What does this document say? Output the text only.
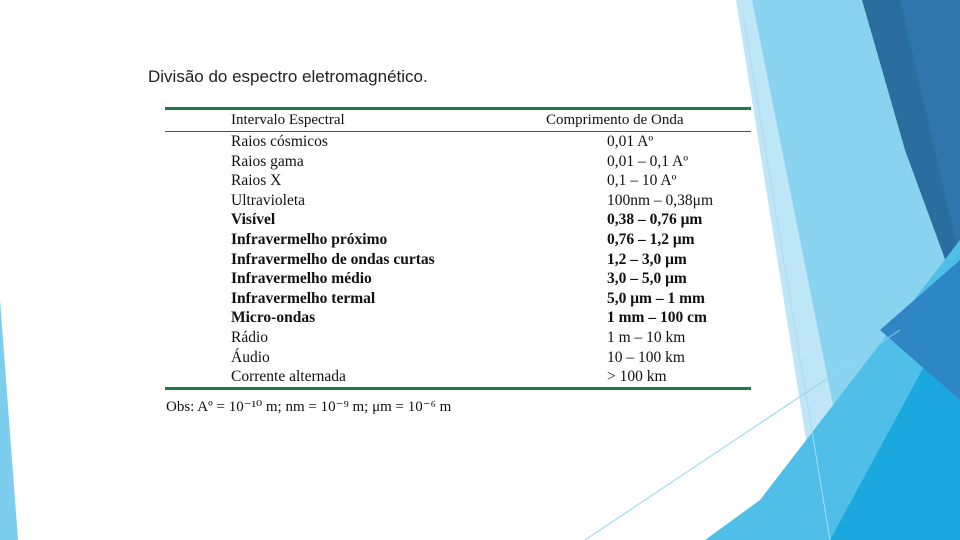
Divisão do espectro eletromagnético.
Intervalo Espectral	Comprimento de Onda
Raios cósmicos	0,01 Aº
Raios gama	0,01 – 0,1 Aº
Raios X	0,1 – 10 Aº
Ultravioleta	100nm – 0,38μm
Visível	0,38 – 0,76 μm
Infravermelho próximo	0,76 – 1,2 μm
Infravermelho de ondas curtas	1,2 – 3,0 μm
Infravermelho médio	3,0 – 5,0 μm
Infravermelho termal	5,0 μm – 1 mm
Micro-ondas	1 mm – 100 cm
Rádio	1 m – 10 km
Áudio	10 – 100 km
Corrente alternada	> 100 km
Obs: Aº = 10⁻¹⁰ m; nm = 10⁻⁹ m; μm = 10⁻⁶ m
